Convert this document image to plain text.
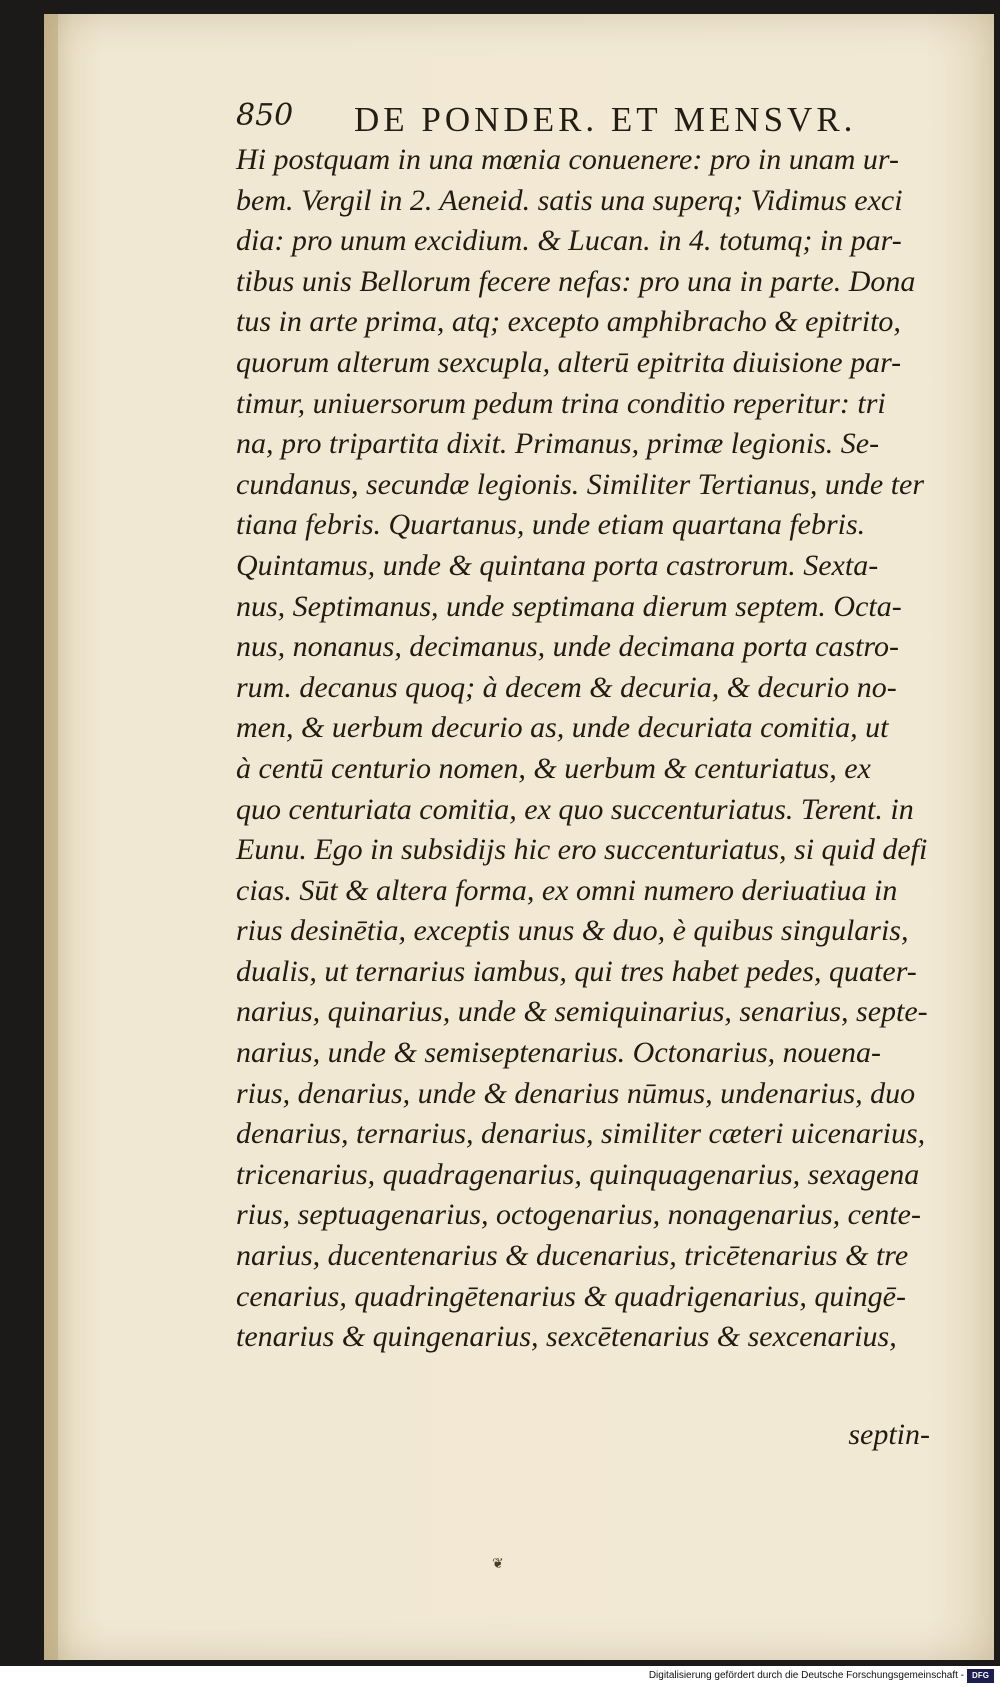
850 DE PONDER. ET MENSVR.
Hi postquam in una mœnia conuenere: pro in unam ur-
bem. Vergil in 2. Aeneid. satis una superq; Vidimus exci
dia: pro unum excidium. & Lucan. in 4. totumq; in par-
tibus unis Bellorum fecere nefas: pro una in parte. Dona
tus in arte prima, atq; excepto amphibracho & epitrito,
quorum alterum sexcupla, alterū epitrita diuisione par-
timur, uniuersorum pedum trina conditio reperitur: tri
na, pro tripartita dixit. Primanus, primæ legionis. Se-
cundanus, secundæ legionis. Similiter Tertianus, unde ter
tiana febris. Quartanus, unde etiam quartana febris.
Quintamus, unde & quintana porta castrorum. Sexta-
nus, Septimanus, unde septimana dierum septem. Octa-
nus, nonanus, decimanus, unde decimana porta castro-
rum. decanus quoq; à decem & decuria, & decurio no-
men, & uerbum decurio as, unde decuriata comitia, ut
à centū centurio nomen, & uerbum & centuriatus, ex
quo centuriata comitia, ex quo succenturiatus. Terent. in
Eunu. Ego in subsidijs hic ero succenturiatus, si quid defi
cias. Sūt & altera forma, ex omni numero deriuatiua in
rius desinētia, exceptis unus & duo, è quibus singularis,
dualis, ut ternarius iambus, qui tres habet pedes, quater-
narius, quinarius, unde & semiquinarius, senarius, septe-
narius, unde & semiseptenarius. Octonarius, nouena-
rius, denarius, unde & denarius nūmus, undenarius, duo
denarius, ternarius, denarius, similiter cæteri uicenarius,
tricenarius, quadragenarius, quinquagenarius, sexagena
rius, septuagenarius, octogenarius, nonagenarius, cente-
narius, ducentenarius & ducenarius, tricētenarius & tre
cenarius, quadringētenarius & quadrigenarius, quingē-
tenarius & quingenarius, sexcētenarius & sexcenarius,
septin-
❦
Digitalisierung gefördert durch die Deutsche Forschungsgemeinschaft -	DFG
